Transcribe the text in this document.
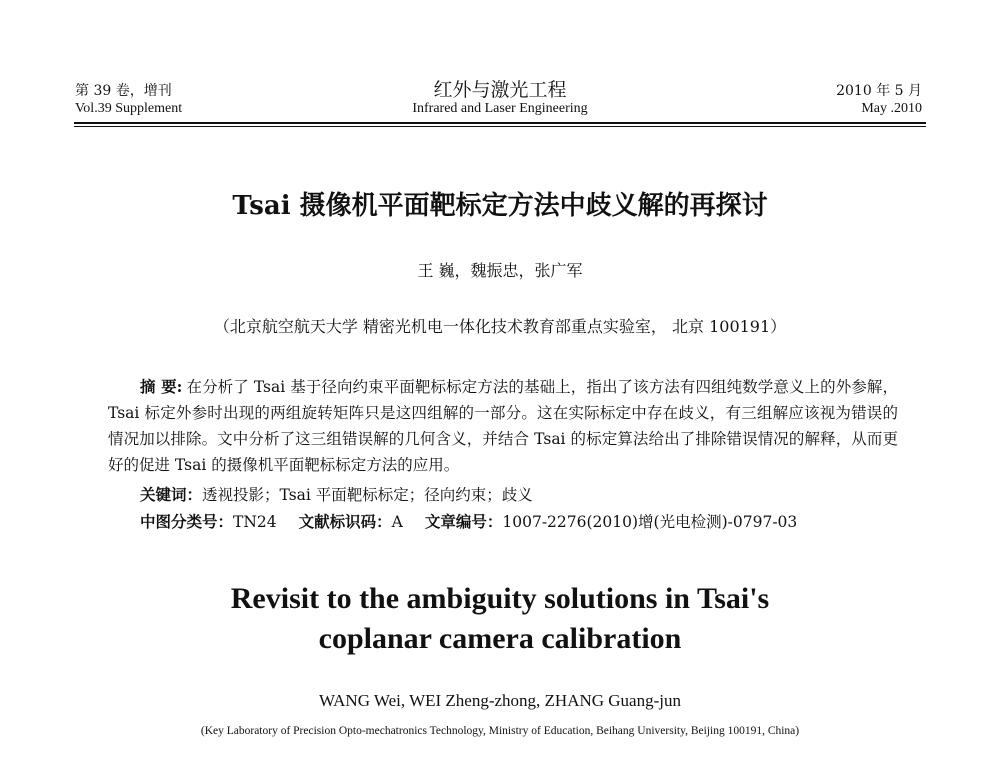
第 39 卷，增刊
Vol.39 Supplement
红外与激光工程
Infrared and Laser Engineering
2010 年 5 月
May .2010
Tsai 摄像机平面靶标定方法中歧义解的再探讨
王 巍，魏振忠，张广军
（北京航空航天大学 精密光机电一体化技术教育部重点实验室， 北京 100191）
摘 要: 在分析了 Tsai 基于径向约束平面靶标标定方法的基础上，指出了该方法有四组纯数学意义上的外参解，Tsai 标定外参时出现的两组旋转矩阵只是这四组解的一部分。这在实际标定中存在歧义，有三组解应该视为错误的情况加以排除。文中分析了这三组错误解的几何含义，并结合 Tsai 的标定算法给出了排除错误情况的解释，从而更好的促进 Tsai 的摄像机平面靶标标定方法的应用。
关键词：透视投影；Tsai 平面靶标标定；径向约束；歧义
中图分类号：TN24 文献标识码：A 文章编号：1007-2276(2010)增(光电检测)-0797-03
Revisit to the ambiguity solutions in Tsai's
coplanar camera calibration
WANG Wei, WEI Zheng-zhong, ZHANG Guang-jun
(Key Laboratory of Precision Opto-mechatronics Technology, Ministry of Education, Beihang University, Beijing 100191, China)
